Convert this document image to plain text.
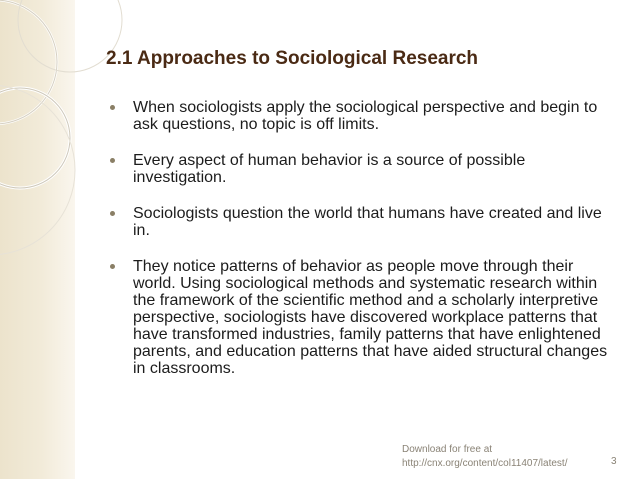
2.1 Approaches to Sociological Research
When sociologists apply the sociological perspective and begin to ask questions, no topic is off limits.
Every aspect of human behavior is a source of possible investigation.
Sociologists question the world that humans have created and live in.
They notice patterns of behavior as people move through their world. Using sociological methods and systematic research within the framework of the scientific method and a scholarly interpretive perspective, sociologists have discovered workplace patterns that have transformed industries, family patterns that have enlightened parents, and education patterns that have aided structural changes in classrooms.
Download for free at
http://cnx.org/content/col11407/latest/	3
